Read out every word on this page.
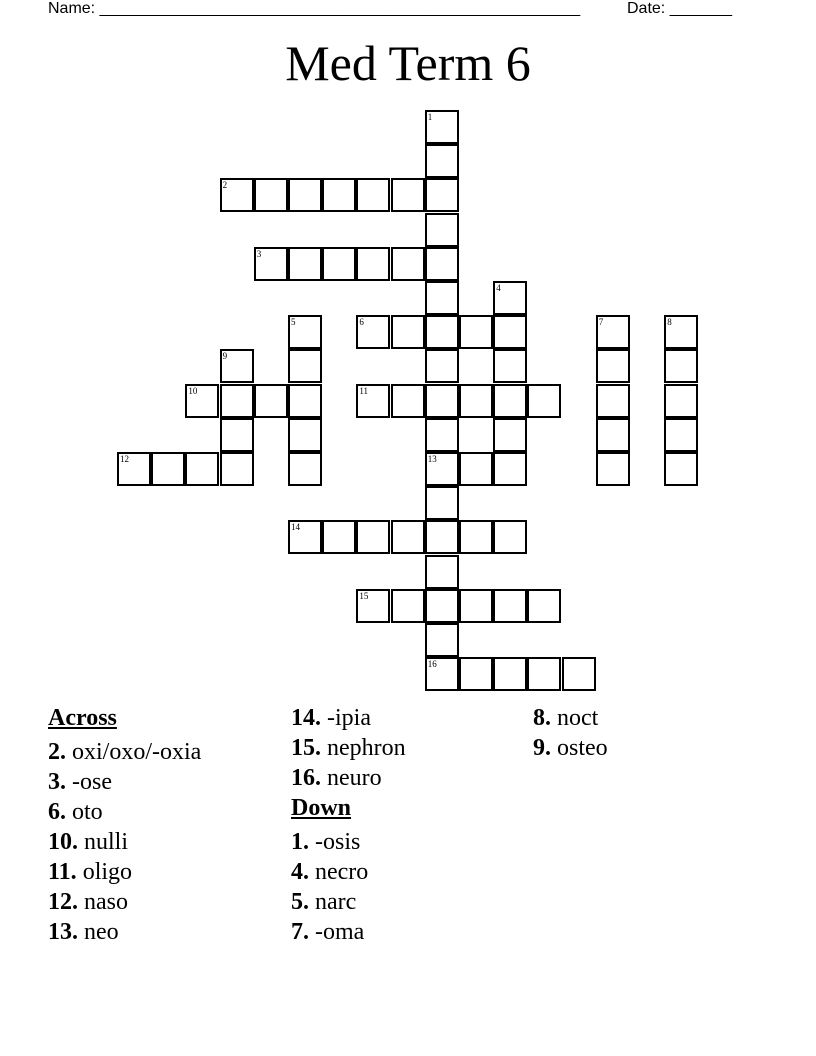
Name: ______________________________________________________	Date: _______
Med Term 6
1
2
3
4
5	6	7	8
9
10	11
12	13
14
15
16
Across
2. oxi/oxo/-oxia
3. -ose
6. oto
10. nulli
11. oligo
12. naso
13. neo
14. -ipia
15. nephron
16. neuro
Down
1. -osis
4. necro
5. narc
7. -oma
8. noct
9. osteo
